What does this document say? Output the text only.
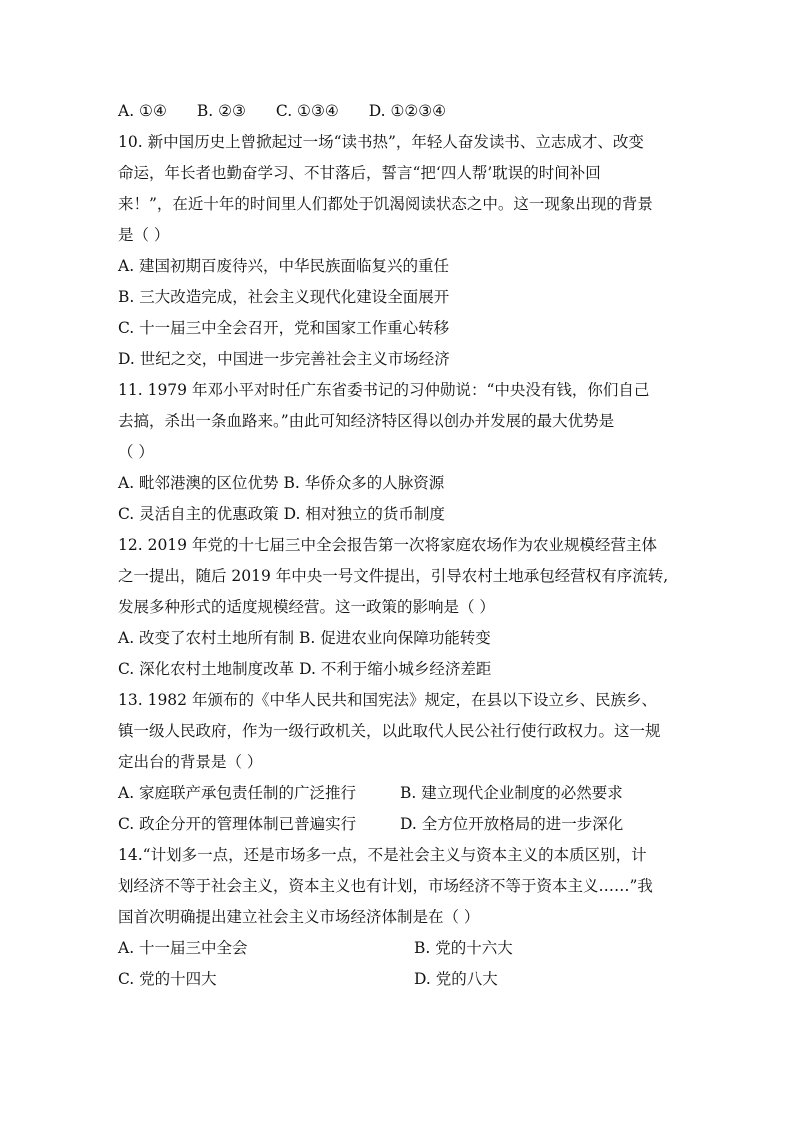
A. ①④ B. ②③ C. ①③④ D. ①②③④
10. 新中国历史上曾掀起过一场“读书热”，年轻人奋发读书、立志成才、改变
命运，年长者也勤奋学习、不甘落后，誓言“把‘四人帮’耽误的时间补回
来！”，在近十年的时间里人们都处于饥渴阅读状态之中。这一现象出现的背景
是（ ）
A. 建国初期百废待兴，中华民族面临复兴的重任
B. 三大改造完成，社会主义现代化建设全面展开
C. 十一届三中全会召开，党和国家工作重心转移
D. 世纪之交，中国进一步完善社会主义市场经济
11. 1979 年邓小平对时任广东省委书记的习仲勋说：“中央没有钱，你们自己
去搞，杀出一条血路来。”由此可知经济特区得以创办并发展的最大优势是
（ ）
A. 毗邻港澳的区位优势 B. 华侨众多的人脉资源
C. 灵活自主的优惠政策 D. 相对独立的货币制度
12. 2019 年党的十七届三中全会报告第一次将家庭农场作为农业规模经营主体
之一提出，随后 2019 年中央一号文件提出，引导农村土地承包经营权有序流转,
发展多种形式的适度规模经营。这一政策的影响是（ ）
A. 改变了农村土地所有制 B. 促进农业向保障功能转变
C. 深化农村土地制度改革 D. 不利于缩小城乡经济差距
13. 1982 年颁布的《中华人民共和国宪法》规定，在县以下设立乡、民族乡、
镇一级人民政府，作为一级行政机关，以此取代人民公社行使行政权力。这一规
定出台的背景是（ ）
A. 家庭联产承包责任制的广泛推行	B. 建立现代企业制度的必然要求
C. 政企分开的管理体制已普遍实行	D. 全方位开放格局的进一步深化
14.“计划多一点，还是市场多一点，不是社会主义与资本主义的本质区别，计
划经济不等于社会主义，资本主义也有计划，市场经济不等于资本主义……”我
国首次明确提出建立社会主义市场经济体制是在（ ）
A. 十一届三中全会	B. 党的十六大
C. 党的十四大	D. 党的八大
